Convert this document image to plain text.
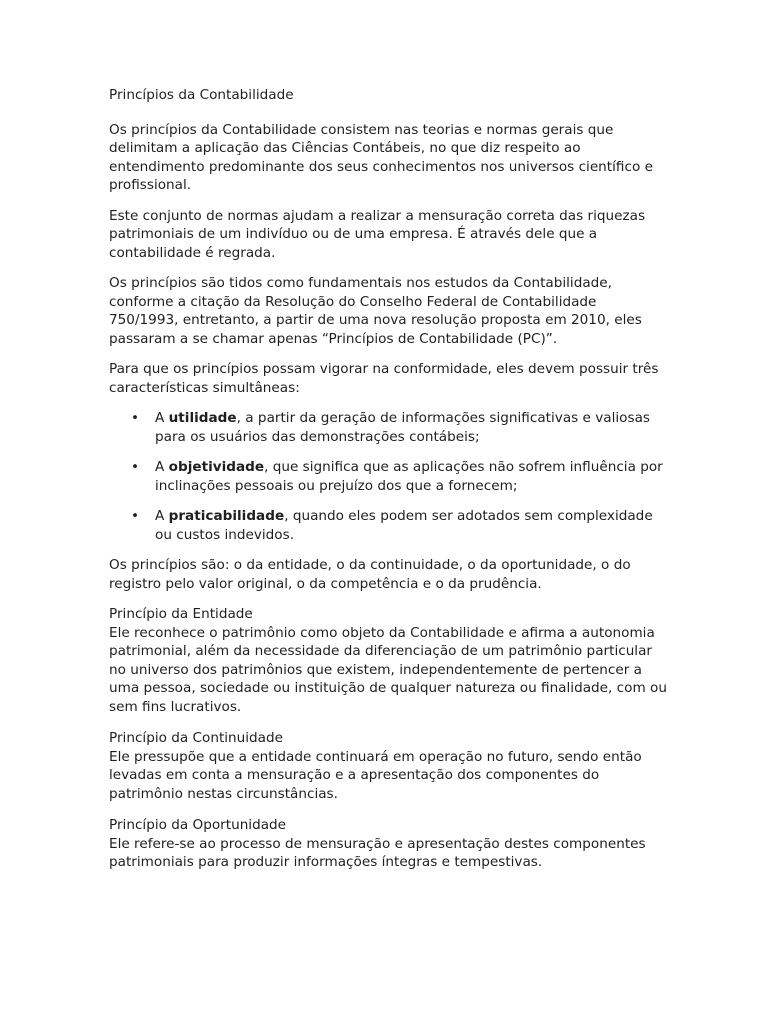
Princípios da Contabilidade

Os princípios da Contabilidade consistem nas teorias e normas gerais que delimitam a aplicação das Ciências Contábeis, no que diz respeito ao entendimento predominante dos seus conhecimentos nos universos científico e profissional.

Este conjunto de normas ajudam a realizar a mensuração correta das riquezas patrimoniais de um indivíduo ou de uma empresa. É através dele que a contabilidade é regrada.

Os princípios são tidos como fundamentais nos estudos da Contabilidade, conforme a citação da Resolução do Conselho Federal de Contabilidade 750/1993, entretanto, a partir de uma nova resolução proposta em 2010, eles passaram a se chamar apenas “Princípios de Contabilidade (PC)”.

Para que os princípios possam vigorar na conformidade, eles devem possuir três características simultâneas:

• A utilidade, a partir da geração de informações significativas e valiosas para os usuários das demonstrações contábeis;
• A objetividade, que significa que as aplicações não sofrem influência por inclinações pessoais ou prejuízo dos que a fornecem;
• A praticabilidade, quando eles podem ser adotados sem complexidade ou custos indevidos.

Os princípios são: o da entidade, o da continuidade, o da oportunidade, o do registro pelo valor original, o da competência e o da prudência.

Princípio da Entidade
Ele reconhece o patrimônio como objeto da Contabilidade e afirma a autonomia patrimonial, além da necessidade da diferenciação de um patrimônio particular no universo dos patrimônios que existem, independentemente de pertencer a uma pessoa, sociedade ou instituição de qualquer natureza ou finalidade, com ou sem fins lucrativos.
Princípio da Continuidade
Ele pressupõe que a entidade continuará em operação no futuro, sendo então levadas em conta a mensuração e a apresentação dos componentes do patrimônio nestas circunstâncias.
Princípio da Oportunidade
Ele refere-se ao processo de mensuração e apresentação destes componentes patrimoniais para produzir informações íntegras e tempestivas.
